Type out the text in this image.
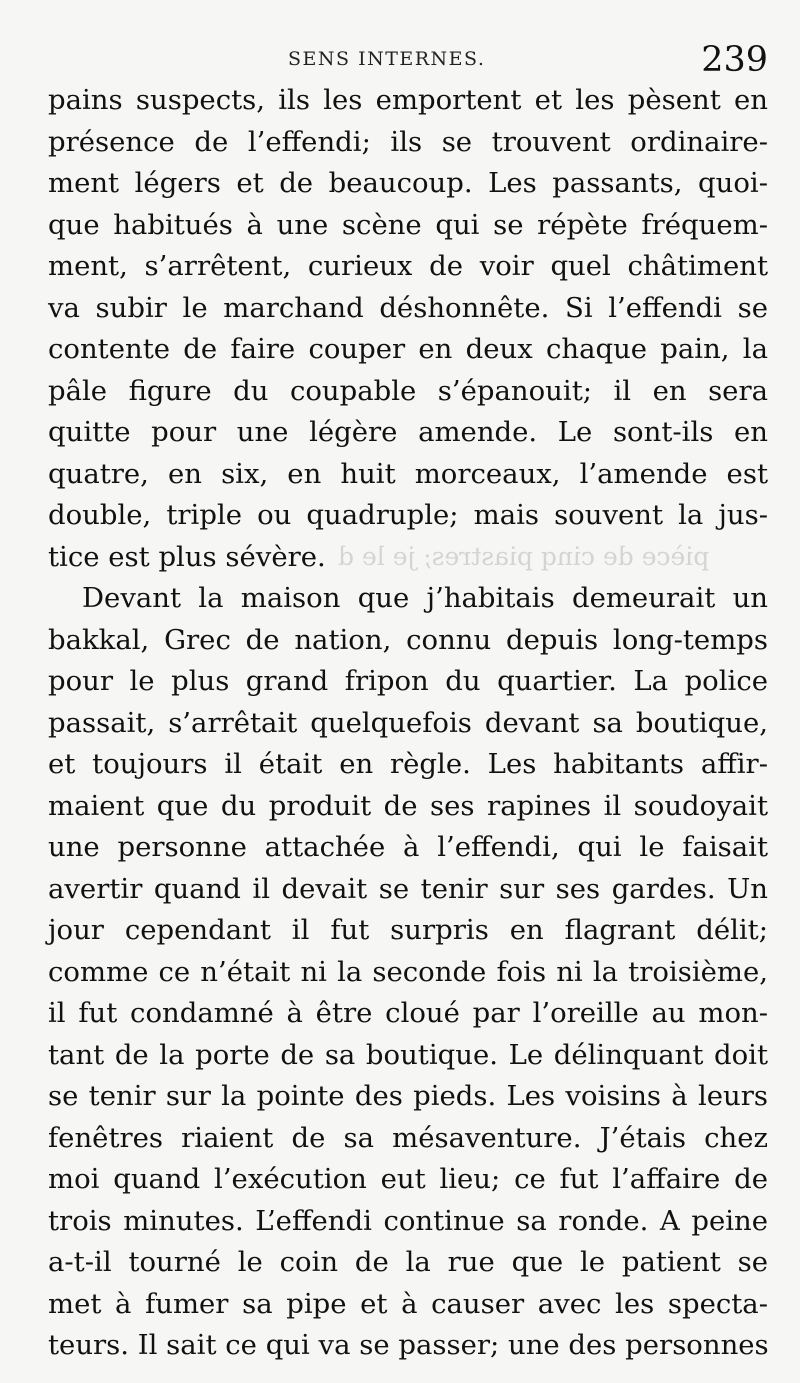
SENS INTERNES.	239
pièce de cinq piastres; je le d
pains suspects, ils les emportent et les pèsent en
présence de l’effendi; ils se trouvent ordinaire-
ment légers et de beaucoup. Les passants, quoi-
que habitués à une scène qui se répète fréquem-
ment, s’arrêtent, curieux de voir quel châtiment
va subir le marchand déshonnête. Si l’effendi se
contente de faire couper en deux chaque pain, la
pâle figure du coupable s’épanouit; il en sera
quitte pour une légère amende. Le sont-ils en
quatre, en six, en huit morceaux, l’amende est
double, triple ou quadruple; mais souvent la jus-
tice est plus sévère.
Devant la maison que j’habitais demeurait un
bakkal, Grec de nation, connu depuis long-temps
pour le plus grand fripon du quartier. La police
passait, s’arrêtait quelquefois devant sa boutique,
et toujours il était en règle. Les habitants affir-
maient que du produit de ses rapines il soudoyait
une personne attachée à l’effendi, qui le faisait
avertir quand il devait se tenir sur ses gardes. Un
jour cependant il fut surpris en flagrant délit;
comme ce n’était ni la seconde fois ni la troisième,
il fut condamné à être cloué par l’oreille au mon-
tant de la porte de sa boutique. Le délinquant doit
se tenir sur la pointe des pieds. Les voisins à leurs
fenêtres riaient de sa mésaventure. J’étais chez
moi quand l’exécution eut lieu; ce fut l’affaire de
trois minutes. L’effendi continue sa ronde. A peine
a-t-il tourné le coin de la rue que le patient se
met à fumer sa pipe et à causer avec les specta-
teurs. Il sait ce qui va se passer; une des personnes
